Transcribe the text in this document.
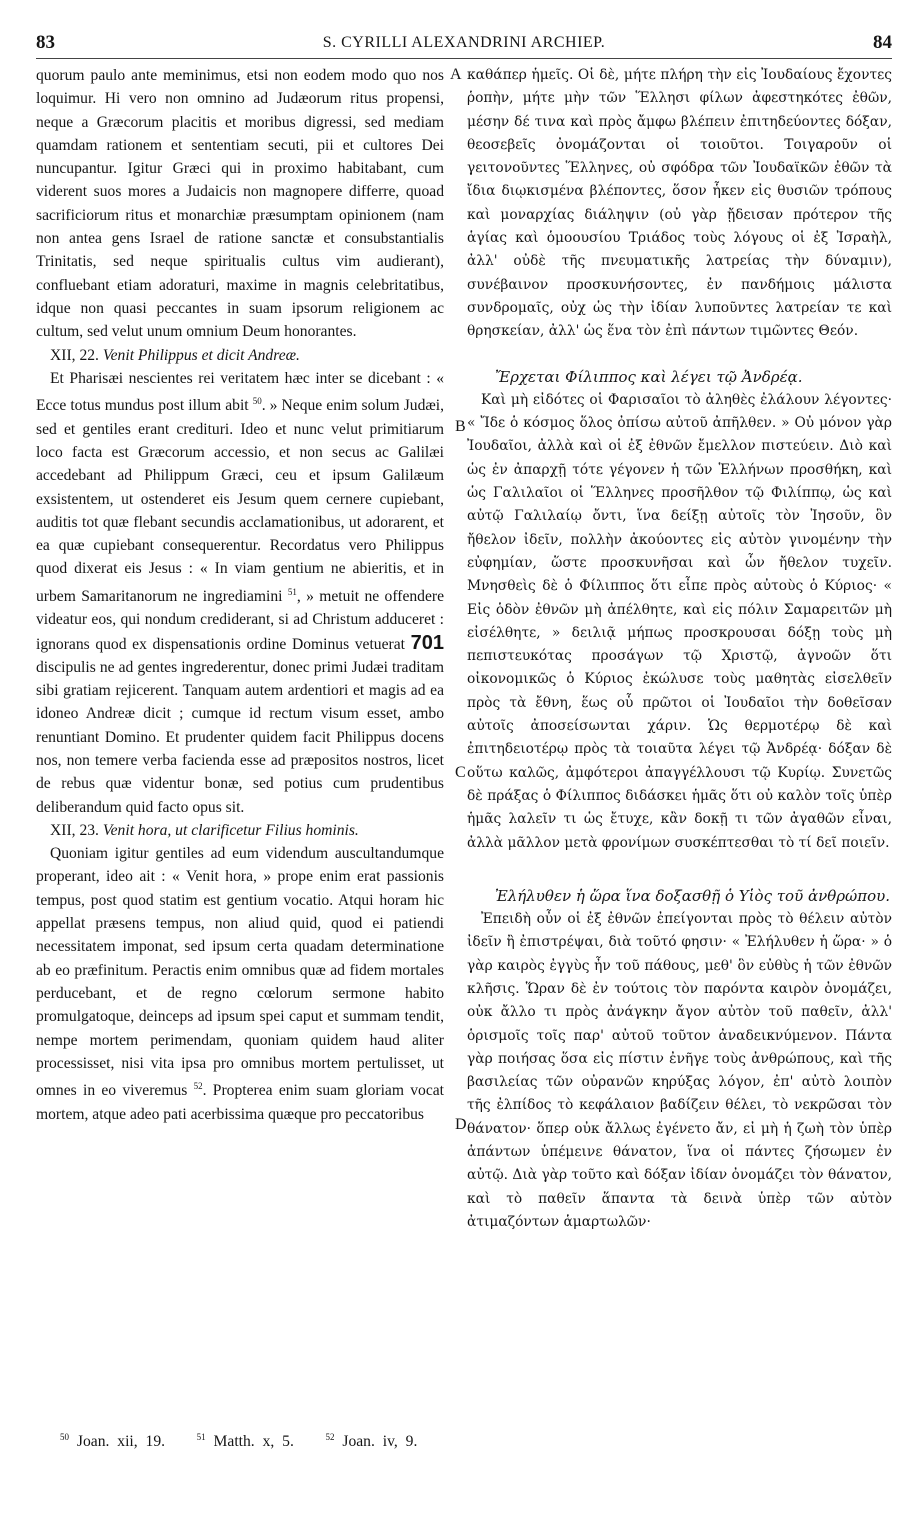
83	S. CYRILLI ALEXANDRINI ARCHIEP.	84
A
B
C
D

quorum paulo ante meminimus, etsi non eodem modo quo nos loquimur. Hi vero non omnino ad Judæorum ritus propensi, neque a Græcorum placitis et moribus digressi, sed mediam quamdam rationem et sententiam secuti, pii et cultores Dei nuncupantur. Igitur Græci qui in proximo habitabant, cum viderent suos mores a Judaicis non magnopere differre, quoad sacrificiorum ritus et monarchiæ præsumptam opinionem (nam non antea gens Israel de ratione sanctæ et consubstantialis Trinitatis, sed neque spiritualis cultus vim audierant), confluebant etiam adoraturi, maxime in magnis celebritatibus, idque non quasi peccantes in suam ipsorum religionem ac cultum, sed velut unum omnium Deum honorantes.

XII, 22. Venit Philippus et dicit Andreæ.

Et Pharisæi nescientes rei veritatem hæc inter se dicebant : « Ecce totus mundus post illum abit $^{50}$. » Neque enim solum Judæi, sed et gentiles erant credituri. Ideo et nunc velut primitiarum loco facta est Græcorum accessio, et non secus ac Galilæi accedebant ad Philippum Græci, ceu et ipsum Galilæum exsistentem, ut ostenderet eis Jesum quem cernere cupiebant, auditis tot quæ flebant secundis acclamationibus, ut adorarent, et ea quæ cupiebant consequerentur. Recordatus vero Philippus quod dixerat eis Jesus : « In viam gentium ne abieritis, et in urbem Samaritanorum ne ingrediamini $^{51}$, » metuit ne offendere videatur eos, qui nondum crediderant, si ad Christum adduceret : ignorans quod ex dispensationis ordine Dominus vetuerat 701 discipulis ne ad gentes ingrederentur, donec primi Judæi traditam sibi gratiam rejicerent. Tanquam autem ardentiori et magis ad ea idoneo Andreæ dicit ; cumque id rectum visum esset, ambo renuntiant Domino. Et prudenter quidem facit Philippus docens nos, non temere verba facienda esse ad præpositos nostros, licet de rebus quæ videntur bonæ, sed potius cum prudentibus deliberandum quid facto opus sit.

XII, 23. Venit hora, ut clarificetur Filius hominis.

Quoniam igitur gentiles ad eum videndum auscultandumque properant, ideo ait : « Venit hora, » prope enim erat passionis tempus, post quod statim est gentium vocatio. Atqui horam hic appellat præsens tempus, non aliud quid, quod ei patiendi necessitatem imponat, sed ipsum certa quadam determinatione ab eo præfinitum. Peractis enim omnibus quæ ad fidem mortales perducebant, et de regno cœlorum sermone habito promulgatoque, deinceps ad ipsum spei caput et summam tendit, nempe mortem perimendam, quoniam quidem haud aliter processisset, nisi vita ipsa pro omnibus mortem pertulisset, ut omnes in eo viveremus $^{52}$. Propterea enim suam gloriam vocat mortem, atque adeo pati acerbissima quæque pro peccatoribus

καθάπερ ἡμεῖς. Οἱ δὲ, μήτε πλήρη τὴν εἰς Ἰουδαίους ἔχοντες ῥοπὴν, μήτε μὴν τῶν Ἕλλησι φίλων ἀφεστηκότες ἐθῶν, μέσην δέ τινα καὶ πρὸς ἄμφω βλέπειν ἐπιτηδεύοντες δόξαν, θεοσεβεῖς ὀνομάζονται οἱ τοιοῦτοι. Τοιγαροῦν οἱ γειτονοῦντες Ἕλληνες, οὐ σφόδρα τῶν Ἰουδαϊκῶν ἐθῶν τὰ ἴδια διῳκισμένα βλέποντες, ὅσον ἧκεν εἰς θυσιῶν τρόπους καὶ μοναρχίας διάληψιν (οὐ γὰρ ᾔδεισαν πρότερον τῆς ἁγίας καὶ ὁμοουσίου Τριάδος τοὺς λόγους οἱ ἐξ Ἰσραὴλ, ἀλλ' οὐδὲ τῆς πνευματικῆς λατρείας τὴν δύναμιν), συνέβαινον προσκυνήσοντες, ἐν πανδήμοις μάλιστα συνδρομαῖς, οὐχ ὡς τὴν ἰδίαν λυποῦντες λατρείαν τε καὶ θρησκείαν, ἀλλ' ὡς ἕνα τὸν ἐπὶ πάντων τιμῶντες Θεόν.

Ἔρχεται Φίλιππος καὶ λέγει τῷ Ἀνδρέᾳ.

Καὶ μὴ εἰδότες οἱ Φαρισαῖοι τὸ ἀληθὲς ἐλάλουν λέγοντες· « Ἴδε ὁ κόσμος ὅλος ὀπίσω αὐτοῦ ἀπῆλθεν. » Οὐ μόνον γὰρ Ἰουδαῖοι, ἀλλὰ καὶ οἱ ἐξ ἐθνῶν ἔμελλον πιστεύειν. Διὸ καὶ ὡς ἐν ἀπαρχῇ τότε γέγονεν ἡ τῶν Ἑλλήνων προσθήκη, καὶ ὡς Γαλιλαῖοι οἱ Ἕλληνες προσῆλθον τῷ Φιλίππῳ, ὡς καὶ αὐτῷ Γαλιλαίῳ ὄντι, ἵνα δείξῃ αὐτοῖς τὸν Ἰησοῦν, ὃν ἤθελον ἰδεῖν, πολλὴν ἀκούοντες εἰς αὐτὸν γινομένην τὴν εὐφημίαν, ὥστε προσκυνῆσαι καὶ ὧν ἤθελον τυχεῖν. Μνησθεὶς δὲ ὁ Φίλιππος ὅτι εἶπε πρὸς αὐτοὺς ὁ Κύριος· « Εἰς ὁδὸν ἐθνῶν μὴ ἀπέλθητε, καὶ εἰς πόλιν Σαμαρειτῶν μὴ εἰσέλθητε, » δειλιᾷ μήπως προσκρουσαι δόξῃ τοὺς μὴ πεπιστευκότας προσάγων τῷ Χριστῷ, ἀγνοῶν ὅτι οἰκονομικῶς ὁ Κύριος ἐκώλυσε τοὺς μαθητὰς εἰσελθεῖν πρὸς τὰ ἔθνη, ἕως οὗ πρῶτοι οἱ Ἰουδαῖοι τὴν δοθεῖσαν αὐτοῖς ἀποσείσωνται χάριν. Ὡς θερμοτέρῳ δὲ καὶ ἐπιτηδειοτέρῳ πρὸς τὰ τοιαῦτα λέγει τῷ Ἀνδρέᾳ· δόξαν δὲ οὕτω καλῶς, ἀμφότεροι ἀπαγγέλλουσι τῷ Κυρίῳ. Συνετῶς δὲ πράξας ὁ Φίλιππος διδάσκει ἡμᾶς ὅτι οὐ καλὸν τοῖς ὑπὲρ ἡμᾶς λαλεῖν τι ὡς ἔτυχε, κἂν δοκῇ τι τῶν ἀγαθῶν εἶναι, ἀλλὰ μᾶλλον μετὰ φρονίμων συσκέπτεσθαι τὸ τί δεῖ ποιεῖν.

Ἐλήλυθεν ἡ ὥρα ἵνα δοξασθῇ ὁ Υἱὸς τοῦ ἀνθρώπου.

Ἐπειδὴ οὖν οἱ ἐξ ἐθνῶν ἐπείγονται πρὸς τὸ θέλειν αὐτὸν ἰδεῖν ἢ ἐπιστρέψαι, διὰ τοῦτό φησιν· « Ἐλήλυθεν ἡ ὥρα· » ὁ γὰρ καιρὸς ἐγγὺς ἦν τοῦ πάθους, μεθ' ὃν εὐθὺς ἡ τῶν ἐθνῶν κλῆσις. Ὥραν δὲ ἐν τούτοις τὸν παρόντα καιρὸν ὀνομάζει, οὐκ ἄλλο τι πρὸς ἀνάγκην ἄγον αὐτὸν τοῦ παθεῖν, ἀλλ' ὁρισμοῖς τοῖς παρ' αὐτοῦ τοῦτον ἀναδεικνύμενον. Πάντα γὰρ ποιήσας ὅσα εἰς πίστιν ἐνῆγε τοὺς ἀνθρώπους, καὶ τῆς βασιλείας τῶν οὐρανῶν κηρύξας λόγον, ἐπ' αὐτὸ λοιπὸν τῆς ἐλπίδος τὸ κεφάλαιον βαδίζειν θέλει, τὸ νεκρῶσαι τὸν θάνατον· ὅπερ οὐκ ἄλλως ἐγένετο ἄν, εἰ μὴ ἡ ζωὴ τὸν ὑπὲρ ἁπάντων ὑπέμεινε θάνατον, ἵνα οἱ πάντες ζήσωμεν ἐν αὐτῷ. Διὰ γὰρ τοῦτο καὶ δόξαν ἰδίαν ὀνομάζει τὸν θάνατον, καὶ τὸ παθεῖν ἅπαντα τὰ δεινὰ ὑπὲρ τῶν αὐτὸν ἀτιμαζόντων ἁμαρτωλῶν·

$^{50}$ Joan. xii, 19.	$^{51}$ Matth. x, 5.	$^{52}$ Joan. iv, 9.
